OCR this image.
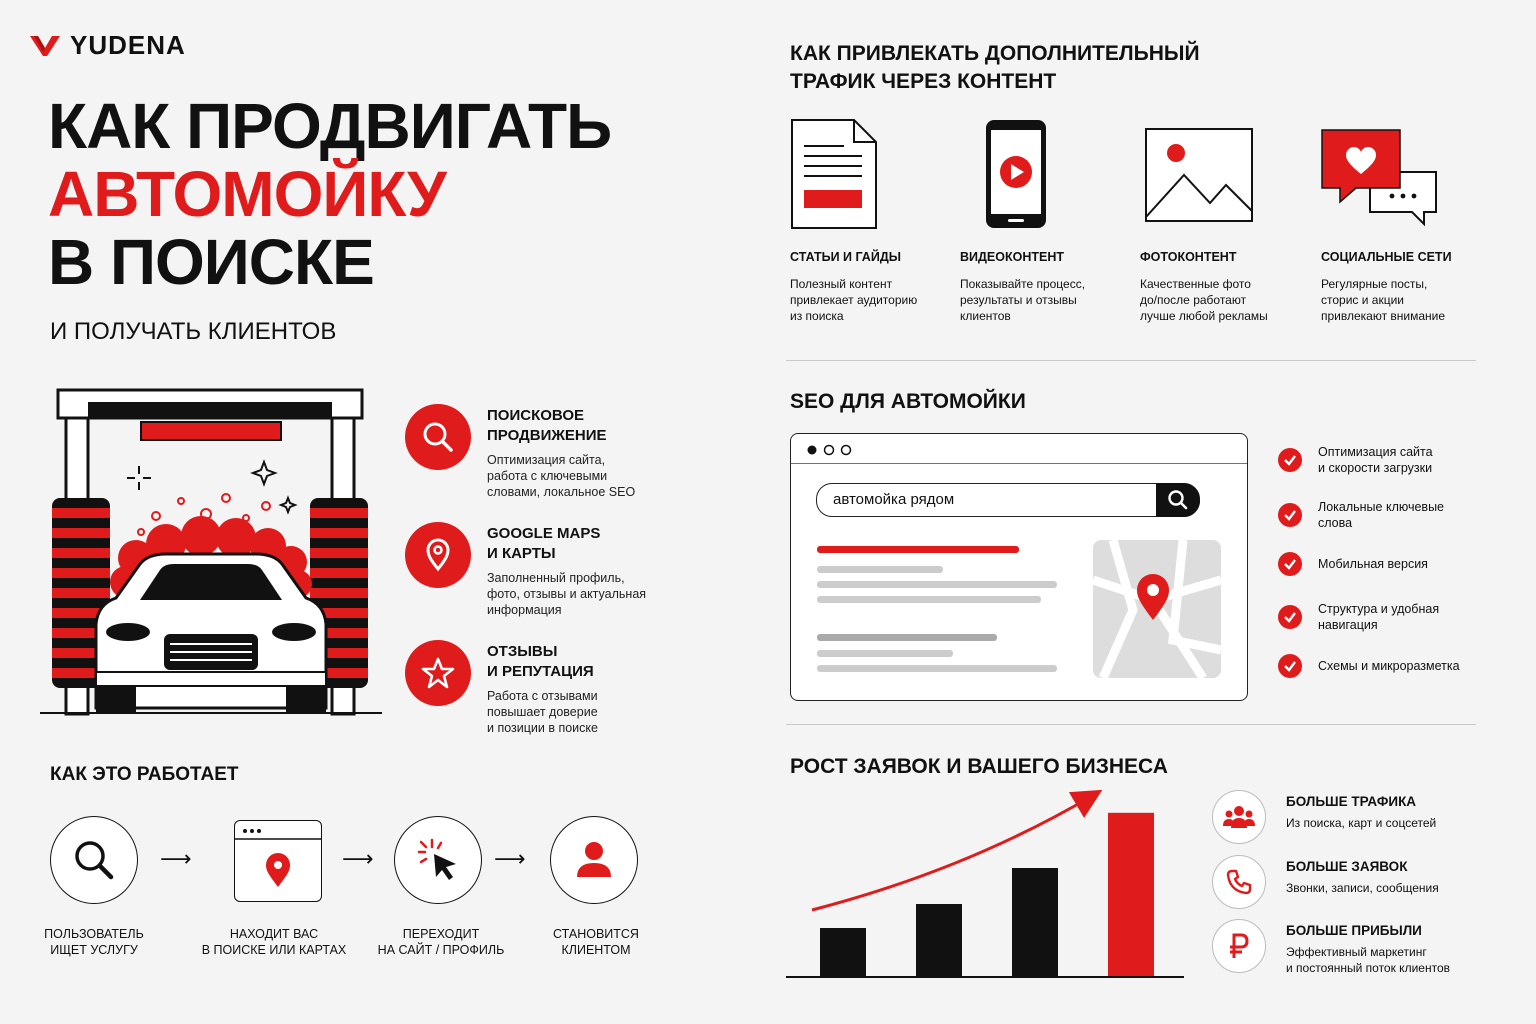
YUDENA
КАК ПРОДВИГАТЬ
АВТОМОЙКУ
В ПОИСКЕ
И ПОЛУЧАТЬ КЛИЕНТОВ
ПОИСКОВОЕ
ПРОДВИЖЕНИЕ

Оптимизация сайта,
работа с ключевыми
словами, локальное SEO

GOOGLE MAPS
И КАРТЫ

Заполненный профиль,
фото, отзывы и актуальная
информация

ОТЗЫВЫ
И РЕПУТАЦИЯ

Работа с отзывами
повышает доверие
и позиции в поиске

КАК ЭТО РАБОТАЕТ
⟶	⟶	⟶
ПОЛЬЗОВАТЕЛЬ
ИЩЕТ УСЛУГУ
НАХОДИТ ВАС
В ПОИСКЕ ИЛИ КАРТАХ
ПЕРЕХОДИТ
НА САЙТ / ПРОФИЛЬ
СТАНОВИТСЯ
КЛИЕНТОМ
КАК ПРИВЛЕКАТЬ ДОПОЛНИТЕЛЬНЫЙ
ТРАФИК ЧЕРЕЗ КОНТЕНТ
СТАТЬИ И ГАЙДЫ	ВИДЕОКОНТЕНТ	ФОТОКОНТЕНТ	СОЦИАЛЬНЫЕ СЕТИ
Полезный контент
привлекает аудиторию
из поиска
Показывайте процесс,
результаты и отзывы
клиентов
Качественные фото
до/после работают
лучше любой рекламы
Регулярные посты,
сторис и акции
привлекают внимание
SEO ДЛЯ АВТОМОЙКИ
автомойка рядом
Оптимизация сайта
и скорости загрузки
Локальные ключевые
слова
Мобильная версия
Структура и удобная
навигация
Схемы и микроразметка
РОСТ ЗАЯВОК И ВАШЕГО БИЗНЕСА
БОЛЬШЕ ТРАФИКА

Из поиска, карт и соцсетей

БОЛЬШЕ ЗАЯВОК

Звонки, записи, сообщения

БОЛЬШЕ ПРИБЫЛИ

Эффективный маркетинг
и постоянный поток клиентов
